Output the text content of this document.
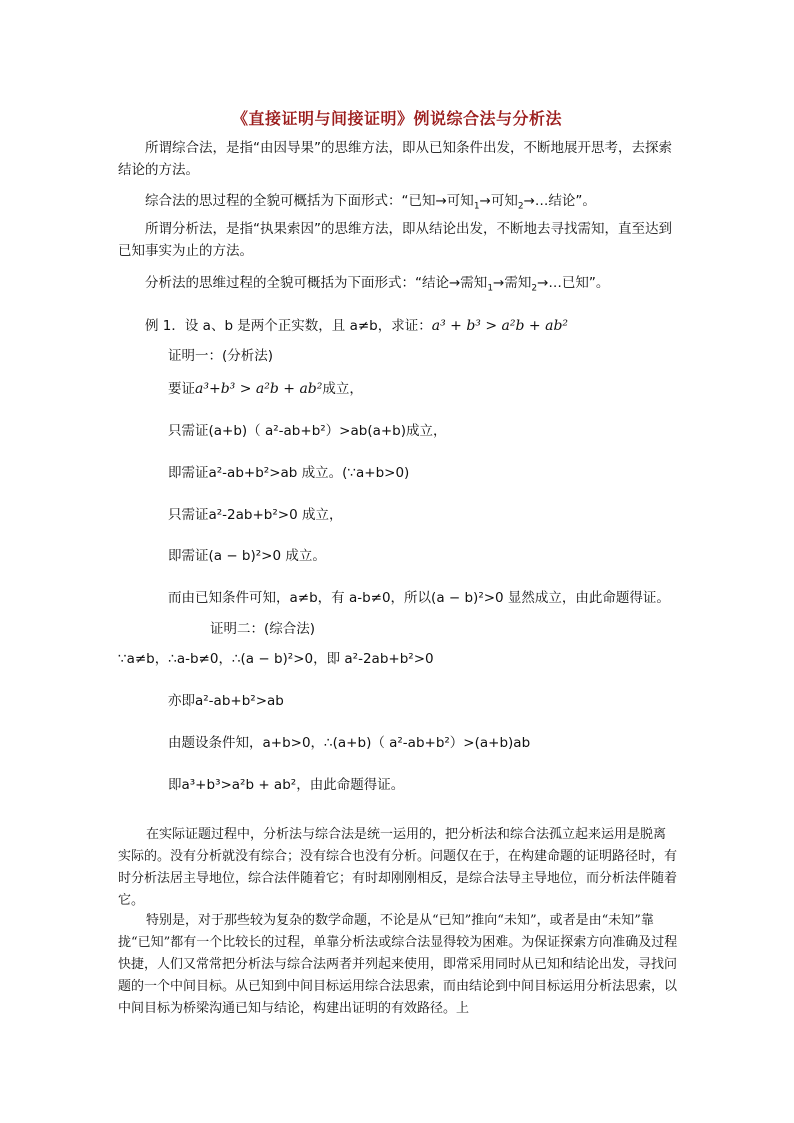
《直接证明与间接证明》例说综合法与分析法
所谓综合法，是指“由因导果”的思维方法，即从已知条件出发，不断地展开思考，去探索结论的方法。
综合法的思过程的全貌可概括为下面形式：“已知→可知$_1$→可知$_2$→…结论”。
所谓分析法，是指“执果索因”的思维方法，即从结论出发，不断地去寻找需知，直至达到已知事实为止的方法。
分析法的思维过程的全貌可概括为下面形式：“结论→需知$_1$→需知$_2$→…已知”。
例 1．设 a、b 是两个正实数，且 a≠b，求证：a³ + b³ > a²b + ab²
证明一：(分析法)
要证a³+b³ > a²b + ab²成立，
只需证(a+b)（ a²-ab+b²）>ab(a+b)成立，
即需证a²-ab+b²>ab 成立。(∵a+b>0)
只需证a²-2ab+b²>0 成立，
即需证(a − b)²>0 成立。
而由已知条件可知，a≠b，有 a-b≠0，所以(a − b)²>0 显然成立，由此命题得证。
证明二：(综合法)
∵a≠b，∴a-b≠0，∴(a − b)²>0，即 a²-2ab+b²>0
亦即a²-ab+b²>ab
由题设条件知，a+b>0，∴(a+b)（ a²-ab+b²）>(a+b)ab
即a³+b³>a²b + ab²，由此命题得证。
在实际证题过程中，分析法与综合法是统一运用的，把分析法和综合法孤立起来运用是脱离实际的。没有分析就没有综合；没有综合也没有分析。问题仅在于，在构建命题的证明路径时，有时分析法居主导地位，综合法伴随着它；有时却刚刚相反，是综合法导主导地位，而分析法伴随着它。
特别是，对于那些较为复杂的数学命题，不论是从“已知”推向“未知”，或者是由“未知”靠拢“已知”都有一个比较长的过程，单靠分析法或综合法显得较为困难。为保证探索方向准确及过程快捷，人们又常常把分析法与综合法两者并列起来使用，即常采用同时从已知和结论出发，寻找问题的一个中间目标。从已知到中间目标运用综合法思索，而由结论到中间目标运用分析法思索，以中间目标为桥梁沟通已知与结论，构建出证明的有效路径。上
